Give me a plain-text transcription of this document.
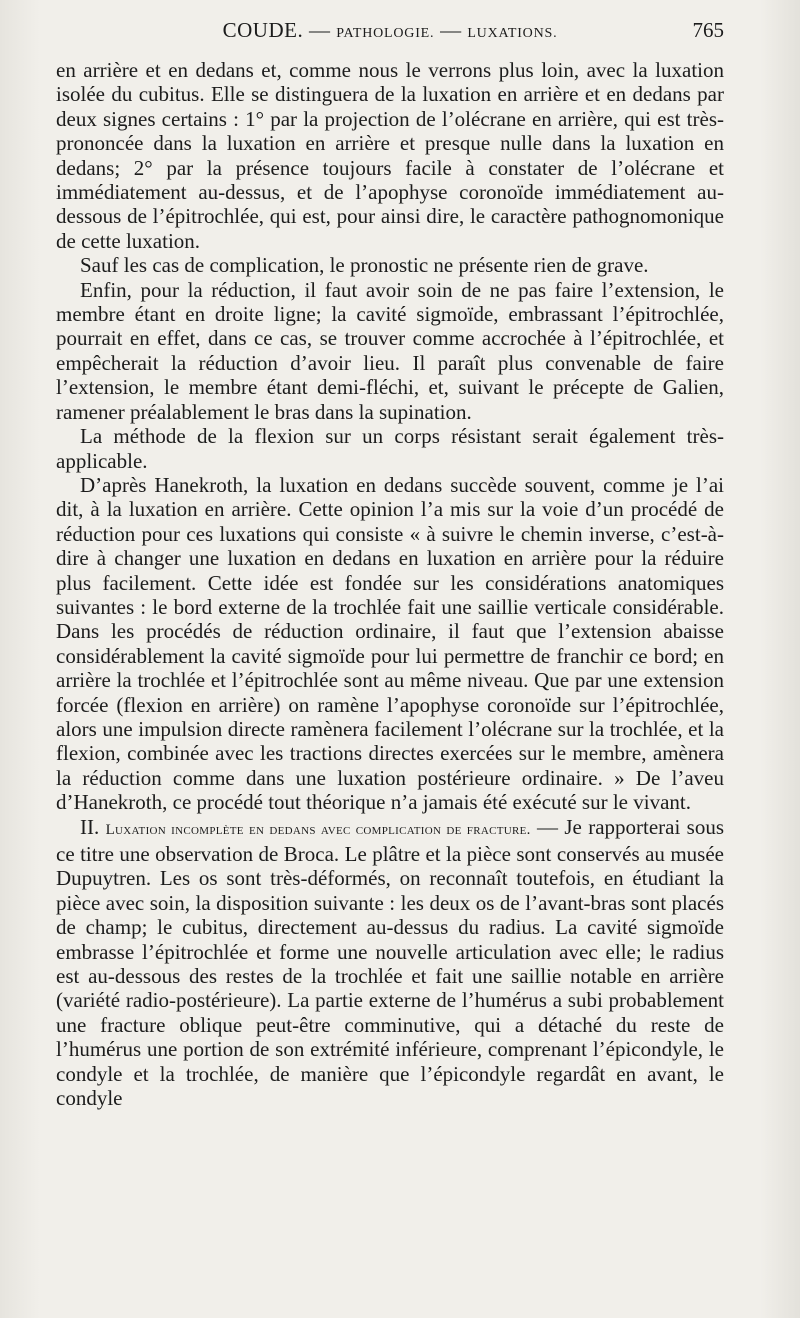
COUDE. — PATHOLOGIE. — LUXATIONS.	765

en arrière et en dedans et, comme nous le verrons plus loin, avec la luxation isolée du cubitus. Elle se distinguera de la luxation en arrière et en dedans par deux signes certains : 1° par la projection de l’olécrane en arrière, qui est très-prononcée dans la luxation en arrière et presque nulle dans la luxation en dedans; 2° par la présence toujours facile à constater de l’olécrane et immédiatement au-dessus, et de l’apophyse coronoïde immédiatement au-dessous de l’épitrochlée, qui est, pour ainsi dire, le caractère pathognomonique de cette luxation.

Sauf les cas de complication, le pronostic ne présente rien de grave.

Enfin, pour la réduction, il faut avoir soin de ne pas faire l’extension, le membre étant en droite ligne; la cavité sigmoïde, embrassant l’épitrochlée, pourrait en effet, dans ce cas, se trouver comme accrochée à l’épitrochlée, et empêcherait la réduction d’avoir lieu. Il paraît plus convenable de faire l’extension, le membre étant demi-fléchi, et, suivant le précepte de Galien, ramener préalablement le bras dans la supination.

La méthode de la flexion sur un corps résistant serait également très-applicable.

D’après Hanekroth, la luxation en dedans succède souvent, comme je l’ai dit, à la luxation en arrière. Cette opinion l’a mis sur la voie d’un procédé de réduction pour ces luxations qui consiste « à suivre le chemin inverse, c’est-à-dire à changer une luxation en dedans en luxation en arrière pour la réduire plus facilement. Cette idée est fondée sur les considérations anatomiques suivantes : le bord externe de la trochlée fait une saillie verticale considérable. Dans les procédés de réduction ordinaire, il faut que l’extension abaisse considérablement la cavité sigmoïde pour lui permettre de franchir ce bord; en arrière la trochlée et l’épitrochlée sont au même niveau. Que par une extension forcée (flexion en arrière) on ramène l’apophyse coronoïde sur l’épitrochlée, alors une impulsion directe ramènera facilement l’olécrane sur la trochlée, et la flexion, combinée avec les tractions directes exercées sur le membre, amènera la réduction comme dans une luxation postérieure ordinaire. » De l’aveu d’Hanekroth, ce procédé tout théorique n’a jamais été exécuté sur le vivant.

II. Luxation incomplète en dedans avec complication de fracture. — Je rapporterai sous ce titre une observation de Broca. Le plâtre et la pièce sont conservés au musée Dupuytren. Les os sont très-déformés, on reconnaît toutefois, en étudiant la pièce avec soin, la disposition suivante : les deux os de l’avant-bras sont placés de champ; le cubitus, directement au-dessus du radius. La cavité sigmoïde embrasse l’épitrochlée et forme une nouvelle articulation avec elle; le radius est au-dessous des restes de la trochlée et fait une saillie notable en arrière (variété radio-postérieure). La partie externe de l’humérus a subi probablement une fracture oblique peut-être comminutive, qui a détaché du reste de l’humérus une portion de son extrémité inférieure, comprenant l’épicondyle, le condyle et la trochlée, de manière que l’épicondyle regardât en avant, le condyle
